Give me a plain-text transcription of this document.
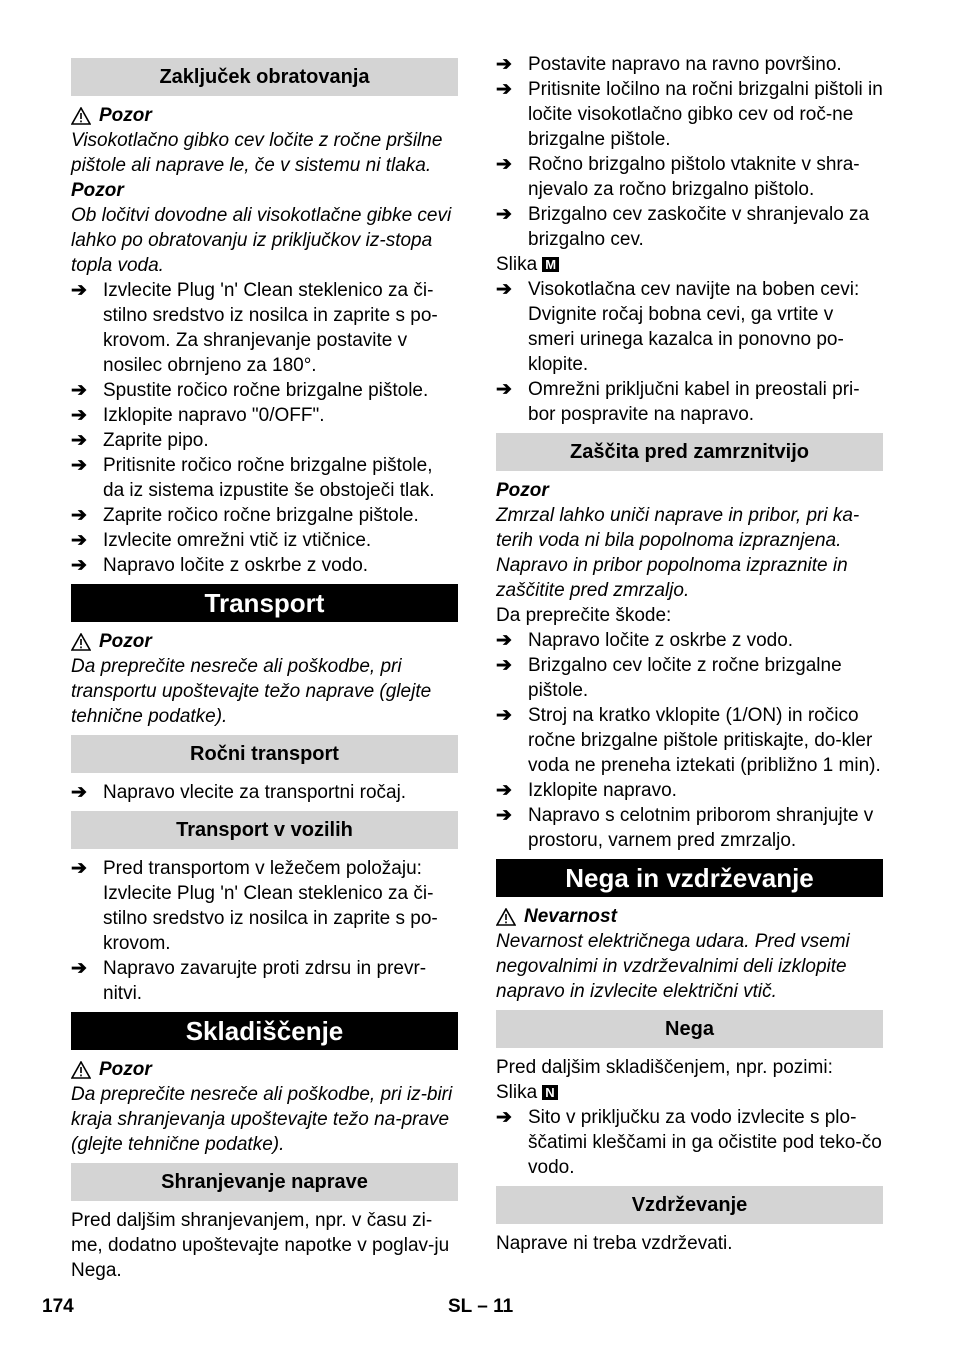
Zaključek obratovanja
Pozor
Visokotlačno gibko cev ločite z ročne pršilne pištole ali naprave le, če v sistemu ni tlaka.
Pozor
Ob ločitvi dovodne ali visokotlačne gibke cevi lahko po obratovanju iz priključkov iz-stopa topla voda.
➔ Izvlecite Plug 'n' Clean steklenico za či-stilno sredstvo iz nosilca in zaprite s po-krovom. Za shranjevanje postavite v nosilec obrnjeno za 180°.
➔ Spustite ročico ročne brizgalne pištole.
➔ Izklopite napravo "0/OFF".
➔ Zaprite pipo.
➔ Pritisnite ročico ročne brizgalne pištole, da iz sistema izpustite še obstoječi tlak.
➔ Zaprite ročico ročne brizgalne pištole.
➔ Izvlecite omrežni vtič iz vtičnice.
➔ Napravo ločite z oskrbe z vodo.
Transport
Pozor
Da preprečite nesreče ali poškodbe, pri transportu upoštevajte težo naprave (glejte tehnične podatke).
Ročni transport
➔ Napravo vlecite za transportni ročaj.
Transport v vozilih
➔ Pred transportom v ležečem položaju: Izvlecite Plug 'n' Clean steklenico za či-stilno sredstvo iz nosilca in zaprite s po-krovom.
➔ Napravo zavarujte proti zdrsu in prevr-nitvi.
Skladiščenje
Pozor
Da preprečite nesreče ali poškodbe, pri iz-biri kraja shranjevanja upoštevajte težo na-prave (glejte tehnične podatke).
Shranjevanje naprave
Pred daljšim shranjevanjem, npr. v času zi-me, dodatno upoštevajte napotke v poglav-ju Nega.
➔ Postavite napravo na ravno površino.
➔ Pritisnite ločilno na ročni brizgalni pištoli in ločite visokotlačno gibko cev od roč-ne brizgalne pištole.
➔ Ročno brizgalno pištolo vtaknite v shra-njevalo za ročno brizgalno pištolo.
➔ Brizgalno cev zaskočite v shranjevalo za brizgalno cev.
Slika M
➔ Visokotlačna cev navijte na boben cevi: Dvignite ročaj bobna cevi, ga vrtite v smeri urinega kazalca in ponovno po-klopite.
➔ Omrežni priključni kabel in preostali pri-bor pospravite na napravo.
Zaščita pred zamrznitvijo
Pozor
Zmrzal lahko uniči naprave in pribor, pri ka-terih voda ni bila popolnoma izpraznjena. Napravo in pribor popolnoma izpraznite in zaščitite pred zmrzaljo.
Da preprečite škode:
➔ Napravo ločite z oskrbe z vodo.
➔ Brizgalno cev ločite z ročne brizgalne pištole.
➔ Stroj na kratko vklopite (1/ON) in ročico ročne brizgalne pištole pritiskajte, do-kler voda ne preneha iztekati (približno 1 min).
➔ Izklopite napravo.
➔ Napravo s celotnim priborom shranjujte v prostoru, varnem pred zmrzaljo.
Nega in vzdrževanje
Nevarnost
Nevarnost električnega udara. Pred vsemi negovalnimi in vzdrževalnimi deli izklopite napravo in izvlecite električni vtič.
Nega
Pred daljšim skladiščenjem, npr. pozimi:
Slika N
➔ Sito v priključku za vodo izvlecite s plo-ščatimi kleščami in ga očistite pod teko-čo vodo.
Vzdrževanje
Naprave ni treba vzdrževati.
174	SL – 11
